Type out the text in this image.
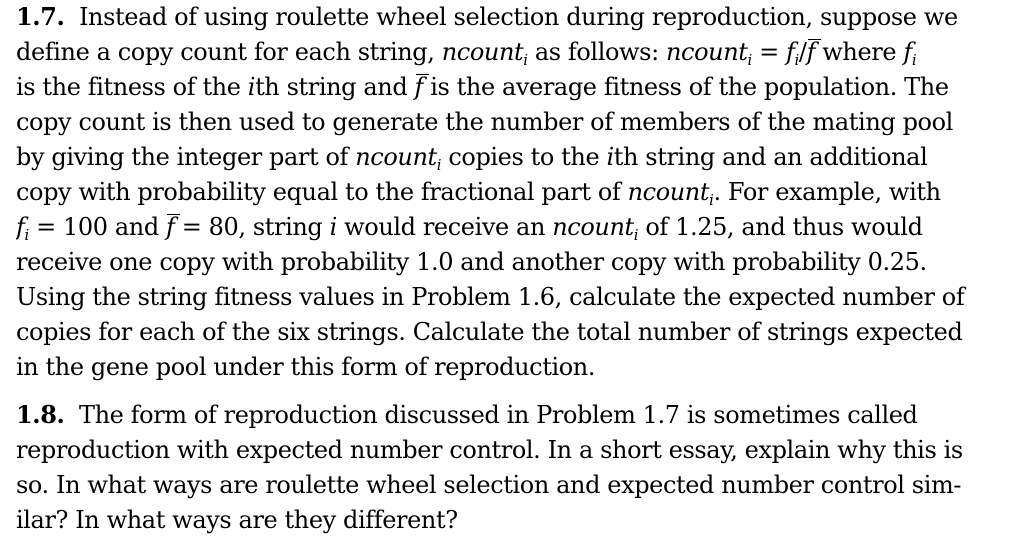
1.7.  Instead of using roulette wheel selection during reproduction, suppose we

define a copy count for each string, ncount$_i$ as follows: ncount$_i$ = $f_i/f$ where $f_i$

is the fitness of the ith string and f is the average fitness of the population. The

copy count is then used to generate the number of members of the mating pool

by giving the integer part of ncount$_i$ copies to the ith string and an additional

copy with probability equal to the fractional part of ncount$_i$. For example, with

$f_i = 100$ and f = 80, string i would receive an ncount$_i$ of 1.25, and thus would

receive one copy with probability 1.0 and another copy with probability 0.25.

Using the string fitness values in Problem 1.6, calculate the expected number of

copies for each of the six strings. Calculate the total number of strings expected

in the gene pool under this form of reproduction.

1.8. The form of reproduction discussed in Problem 1.7 is sometimes called

reproduction with expected number control. In a short essay, explain why this is

so. In what ways are roulette wheel selection and expected number control sim-

ilar? In what ways are they different?
